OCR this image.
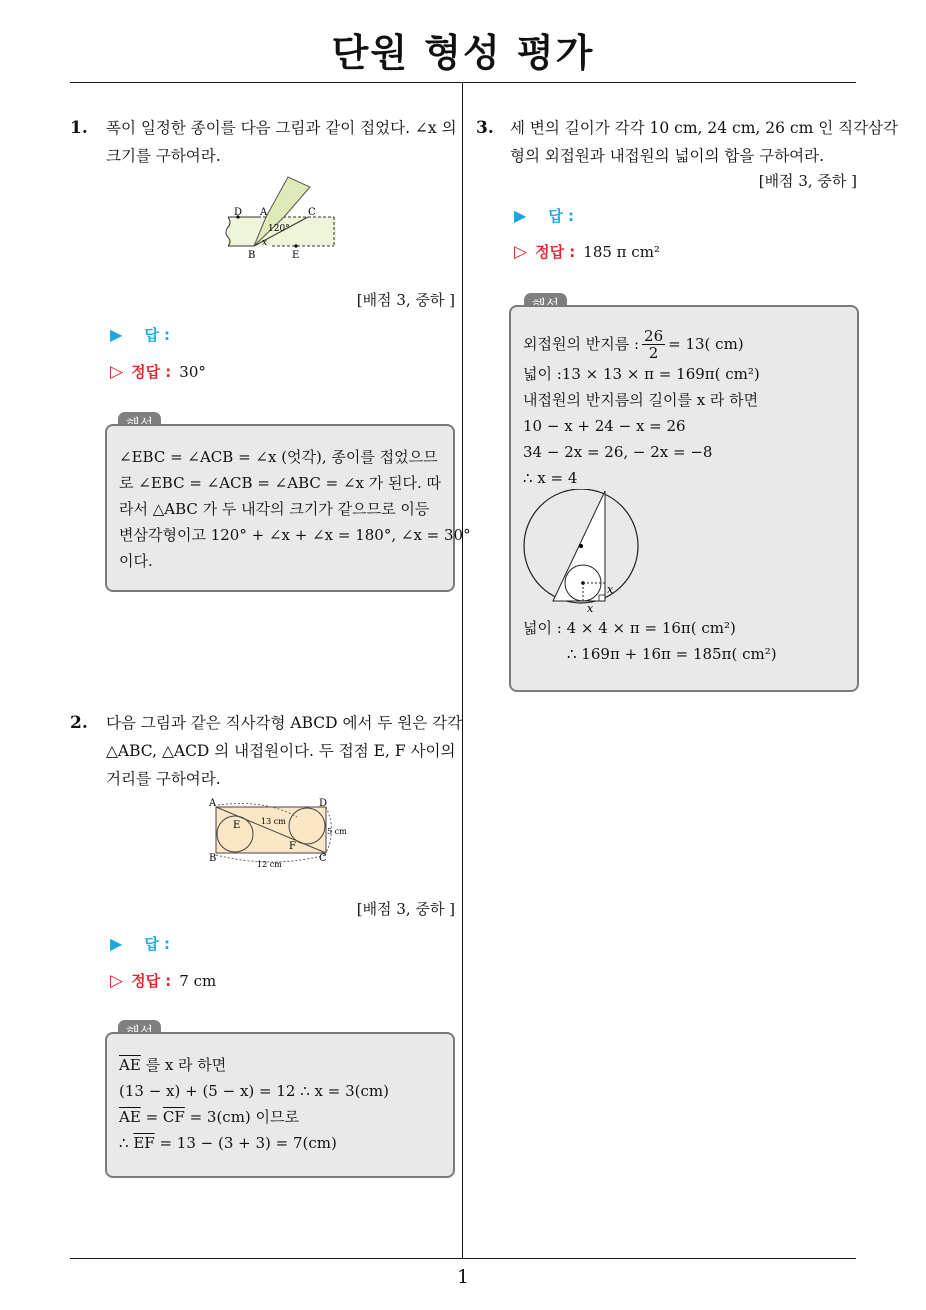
단원 형성 평가
1
1. 폭이 일정한 종이를 다음 그림과 같이 접었다. ∠x 의
크기를 구하여라.
D A	C
B	E
120°
x
[배점 3, 중하 ]
▶ 답 :
▷ 정답 : 30°
∠EBC = ∠ACB = ∠x (엇각), 종이를 접었으므
로 ∠EBC = ∠ACB = ∠ABC = ∠x 가 된다. 따
라서 △ABC 가 두 내각의 크기가 같으므로 이등
변삼각형이고 120° + ∠x + ∠x = 180°, ∠x = 30°
이다.
2. 다음 그림과 같은 직사각형 ABCD 에서 두 원은 각각
△ABC, △ACD 의 내접원이다. 두 접점 E, F 사이의
거리를 구하여라.
A	D
B	C
E
F
13 cm
5 cm
12 cm
[배점 3, 중하 ]
▶ 답 :
▷ 정답 : 7 cm
$\overline{AE}$ 를 x 라 하면
(13 − x) + (5 − x) = 12 ∴ x = 3(cm)
$\overline{AE} = \overline{CF} = 3(cm)$ 이므로
∴ $\overline{EF} = 13 - (3 + 3) = 7(cm)$
3. 세 변의 길이가 각각 10 cm, 24 cm, 26 cm 인 직각삼각
형의 외접원과 내접원의 넓이의 합을 구하여라.
[배점 3, 중하 ]
▶ 답 :
▷ 정답 : 185 π cm²
외접원의 반지름 : $\frac{26}{2} = 13$( cm)
넓이 :13 × 13 × π = 169π( cm²)
내접원의 반지름의 길이를 x 라 하면
10 − x + 24 − x = 26
34 − 2x = 26, − 2x = −8
∴ x = 4
x
x
넓이 : 4 × 4 × π = 16π( cm²)
∴ 169π + 16π = 185π( cm²)
